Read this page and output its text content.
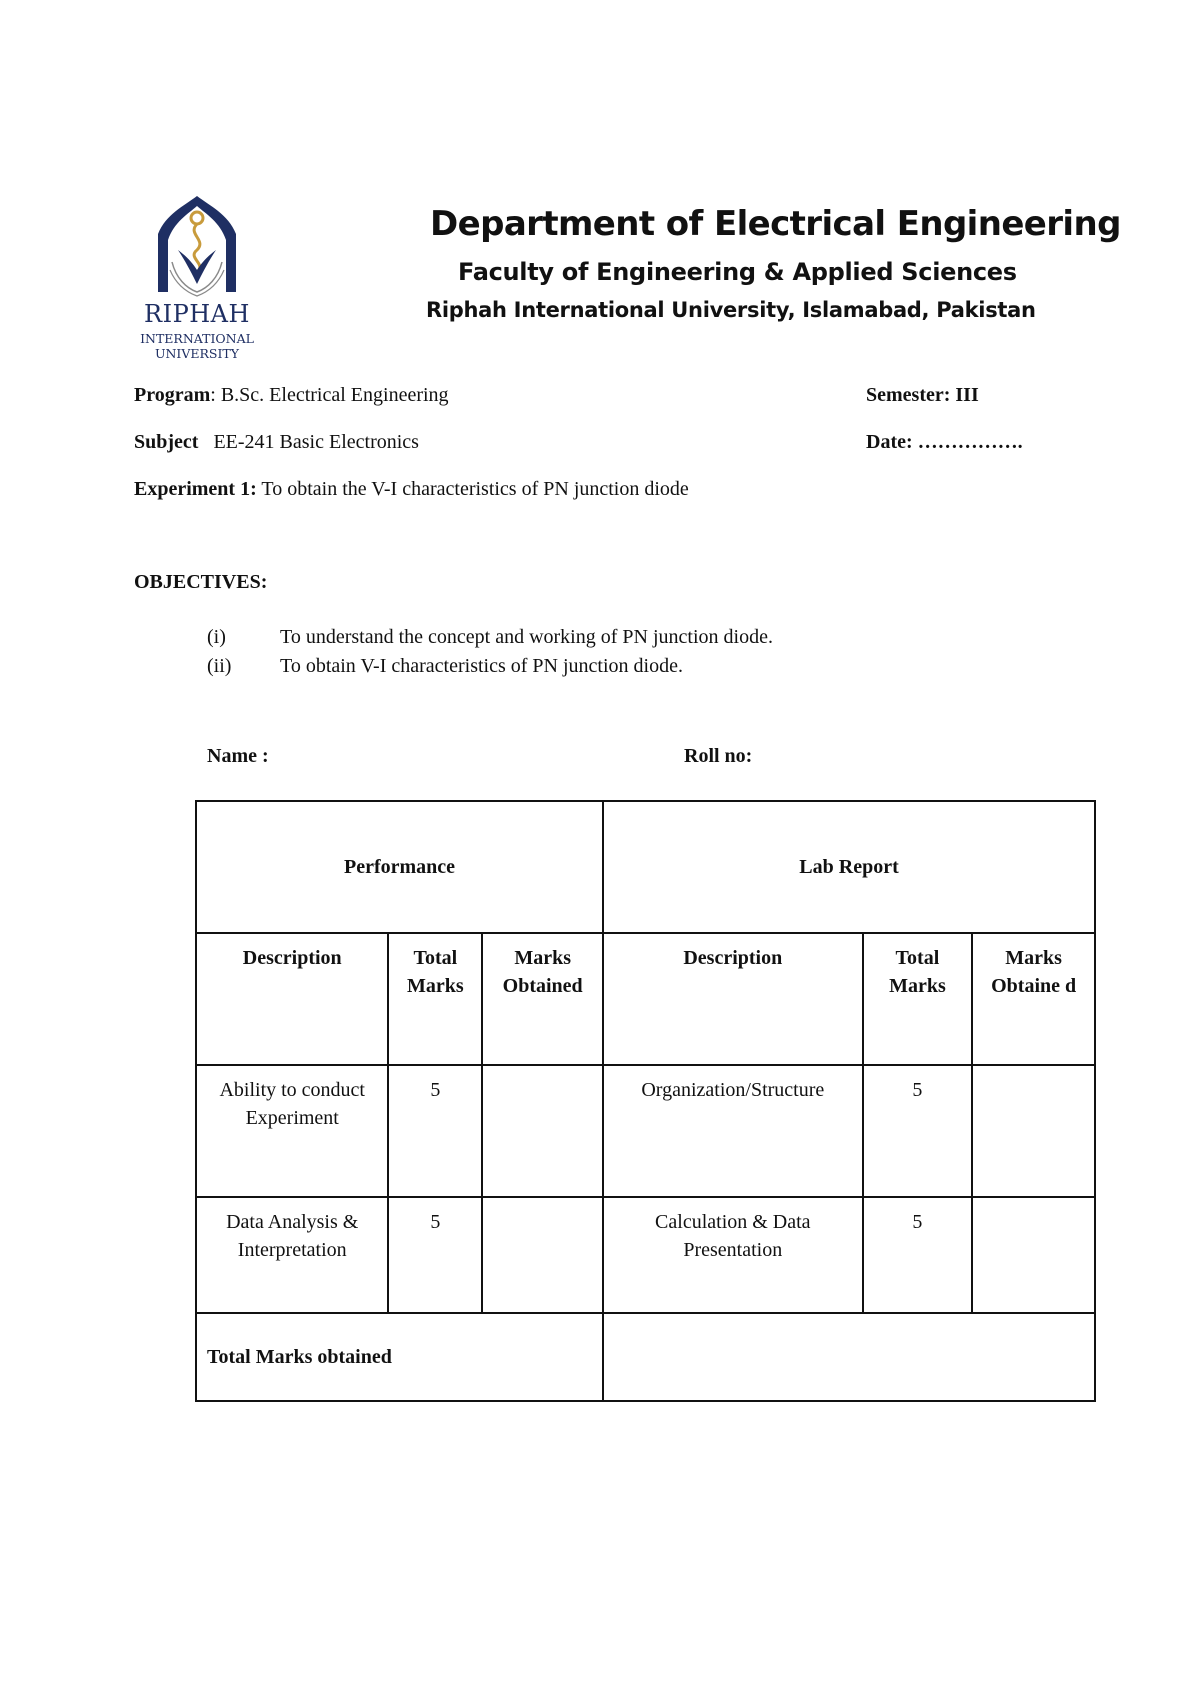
RIPHAH
INTERNATIONAL
UNIVERSITY
Department of Electrical Engineering
Faculty of Engineering & Applied Sciences
Riphah International University, Islamabad, Pakistan
Program: B.Sc. Electrical Engineering	Semester: III
Subject EE-241 Basic Electronics	Date: …………….
Experiment 1: To obtain the V-I characteristics of PN junction diode
OBJECTIVES:
(i)	To understand the concept and working of PN junction diode.
(ii) To obtain V-I characteristics of PN junction diode.
Name :	Roll no:
Performance			Lab Report		
Description	Total Marks	Marks Obtained	Description	Total Marks	Marks Obtaine d
Ability to conduct Experiment	5		Organization/Structure	5	
Data Analysis & Interpretation	5		Calculation & Data Presentation	5	
Total Marks obtained					
